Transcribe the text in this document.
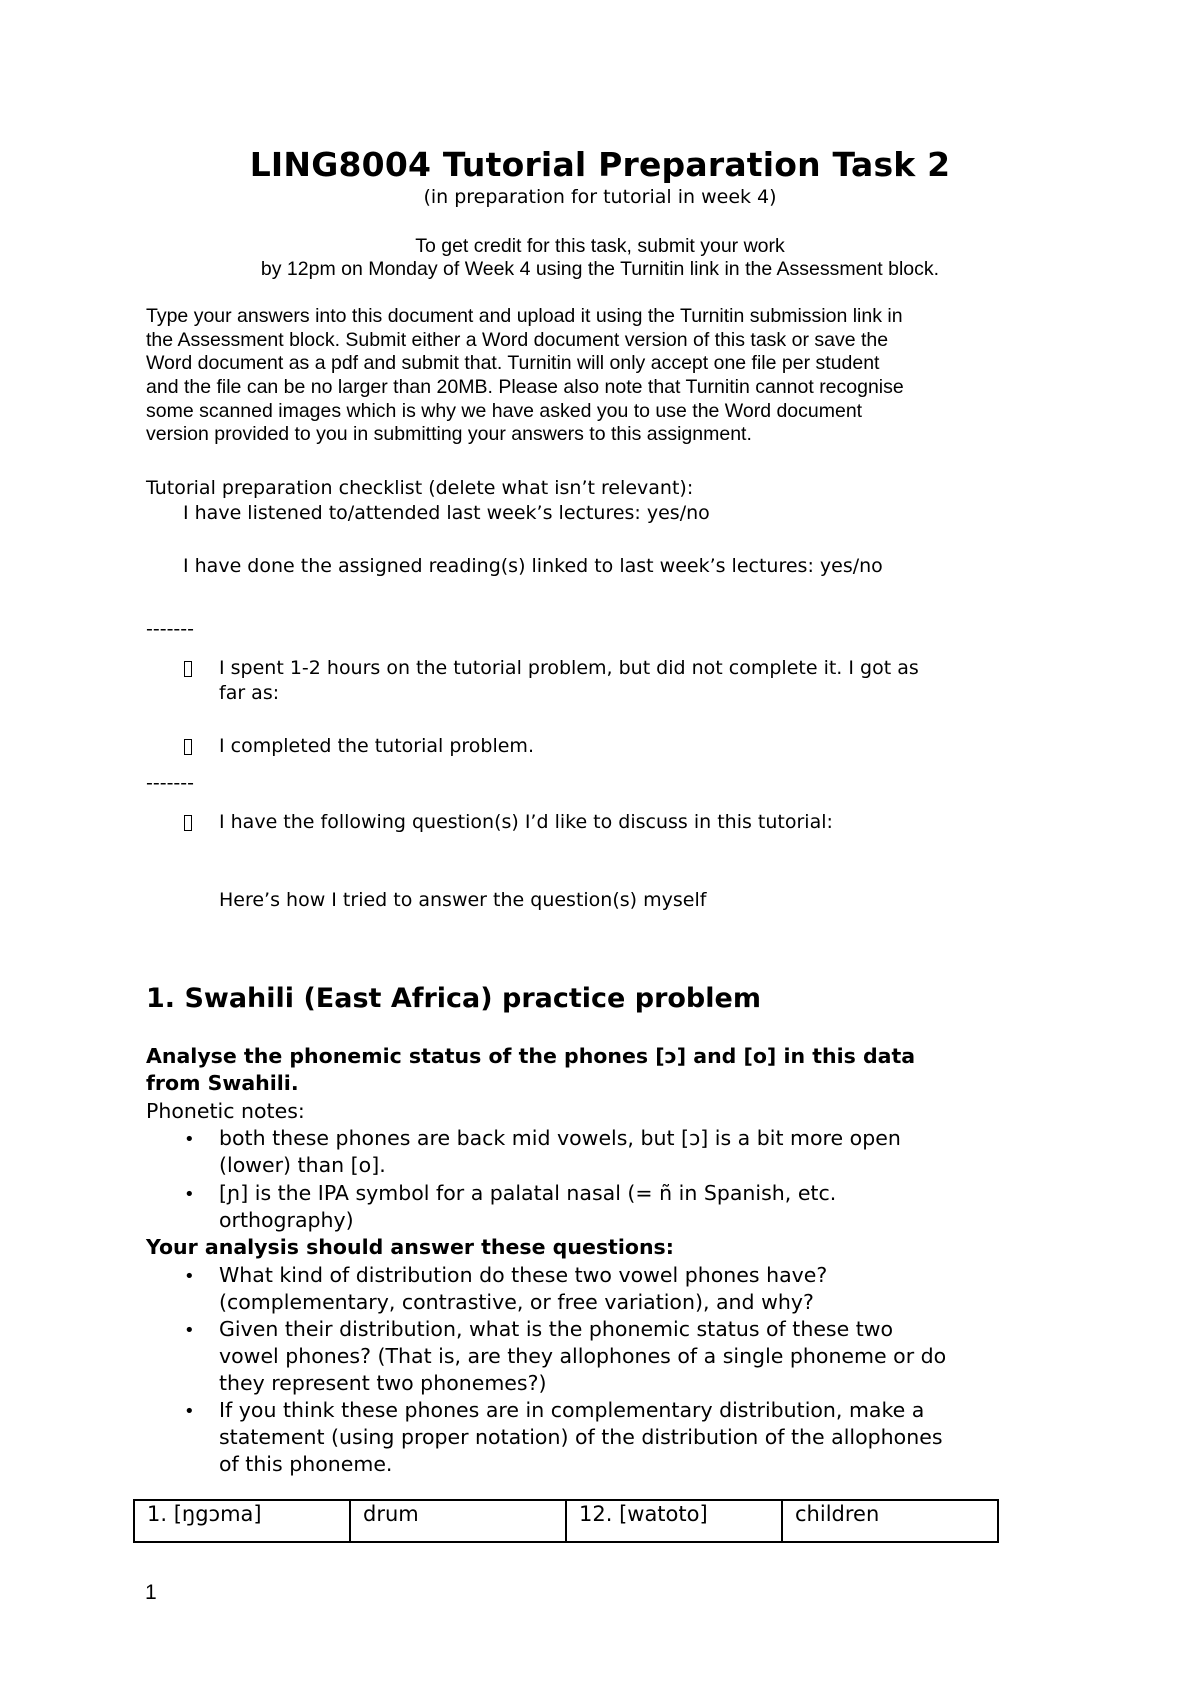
LING8004 Tutorial Preparation Task 2
(in preparation for tutorial in week 4)
To get credit for this task, submit your work
by 12pm on Monday of Week 4 using the Turnitin link in the Assessment block.
Type your answers into this document and upload it using the Turnitin submission link in
the Assessment block. Submit either a Word document version of this task or save the
Word document as a pdf and submit that. Turnitin will only accept one file per student
and the file can be no larger than 20MB. Please also note that Turnitin cannot recognise
some scanned images which is why we have asked you to use the Word document
version provided to you in submitting your answers to this assignment.
Tutorial preparation checklist (delete what isn’t relevant):
I have listened to/attended last week’s lectures: yes/no
I have done the assigned reading(s) linked to last week’s lectures: yes/no
-------
I spent 1-2 hours on the tutorial problem, but did not complete it. I got as
far as:
I completed the tutorial problem.
-------
I have the following question(s) I’d like to discuss in this tutorial:
Here’s how I tried to answer the question(s) myself
1. Swahili (East Africa) practice problem
Analyse the phonemic status of the phones [ɔ] and [o] in this data
from Swahili.
Phonetic notes:
• both these phones are back mid vowels, but [ɔ] is a bit more open
(lower) than [o].
• [ɲ] is the IPA symbol for a palatal nasal (= ñ in Spanish, etc.
orthography)
Your analysis should answer these questions:
• What kind of distribution do these two vowel phones have?
(complementary, contrastive, or free variation), and why?
• Given their distribution, what is the phonemic status of these two
vowel phones? (That is, are they allophones of a single phoneme or do
they represent two phonemes?)
• If you think these phones are in complementary distribution, make a
statement (using proper notation) of the distribution of the allophones
of this phoneme.
1. [ŋgɔma]	drum	12. [watoto]	children
1
